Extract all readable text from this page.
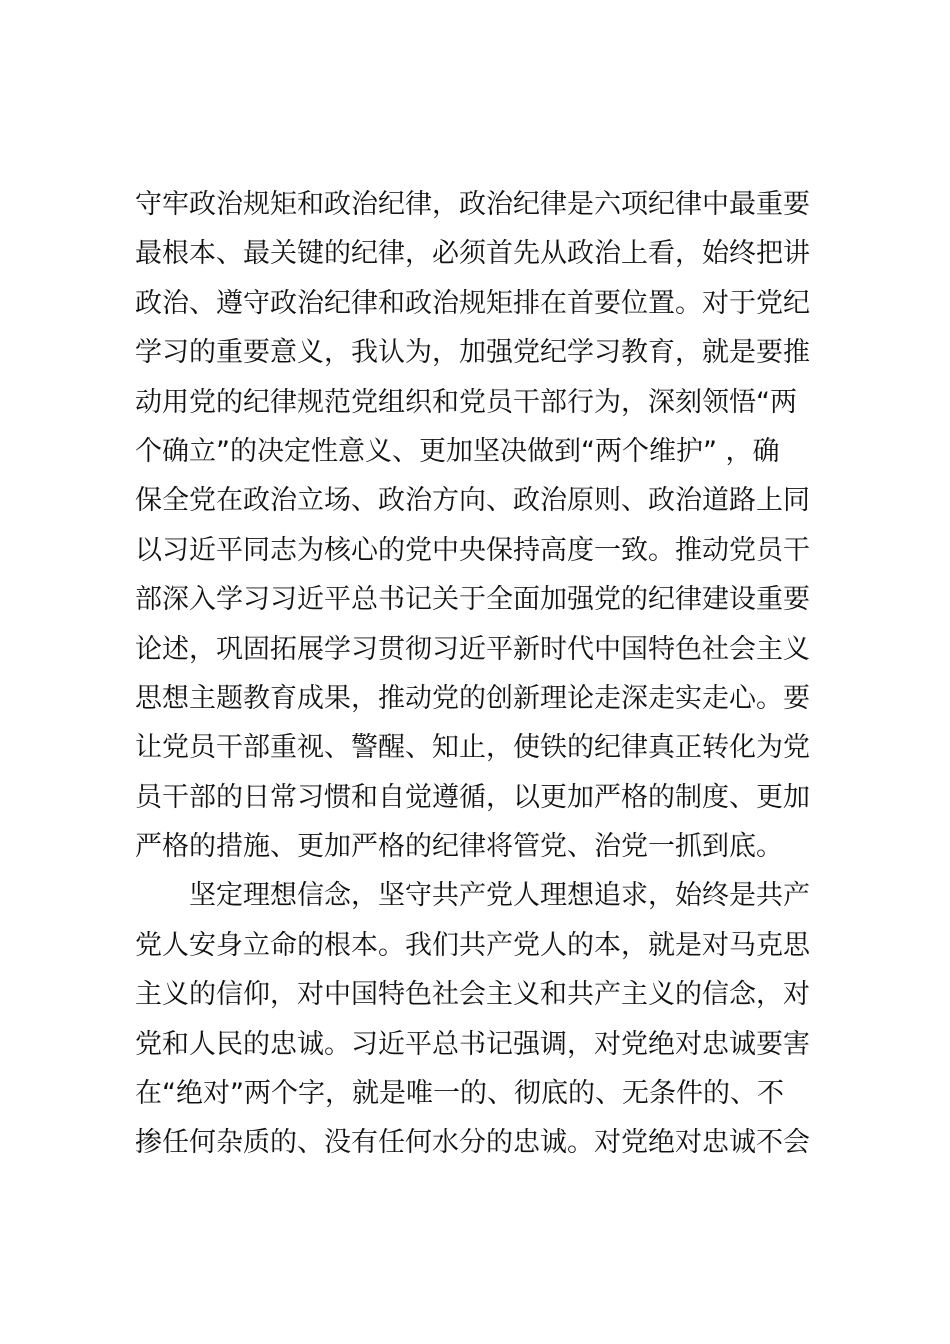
守牢政治规矩和政治纪律，政治纪律是六项纪律中最重要
最根本、最关键的纪律，必须首先从政治上看，始终把讲
政治、遵守政治纪律和政治规矩排在首要位置。对于党纪
学习的重要意义，我认为，加强党纪学习教育，就是要推
动用党的纪律规范党组织和党员干部行为，深刻领悟“两
个确立”的决定性意义、更加坚决做到“两个维护” ，确
保全党在政治立场、政治方向、政治原则、政治道路上同
以习近平同志为核心的党中央保持高度一致。推动党员干
部深入学习习近平总书记关于全面加强党的纪律建设重要
论述，巩固拓展学习贯彻习近平新时代中国特色社会主义
思想主题教育成果，推动党的创新理论走深走实走心。要
让党员干部重视、警醒、知止，使铁的纪律真正转化为党
员干部的日常习惯和自觉遵循，以更加严格的制度、更加
严格的措施、更加严格的纪律将管党、治党一抓到底。
坚定理想信念，坚守共产党人理想追求，始终是共产
党人安身立命的根本。我们共产党人的本，就是对马克思
主义的信仰，对中国特色社会主义和共产主义的信念，对
党和人民的忠诚。习近平总书记强调，对党绝对忠诚要害
在“绝对”两个字，就是唯一的、彻底的、无条件的、不
掺任何杂质的、没有任何水分的忠诚。对党绝对忠诚不会
